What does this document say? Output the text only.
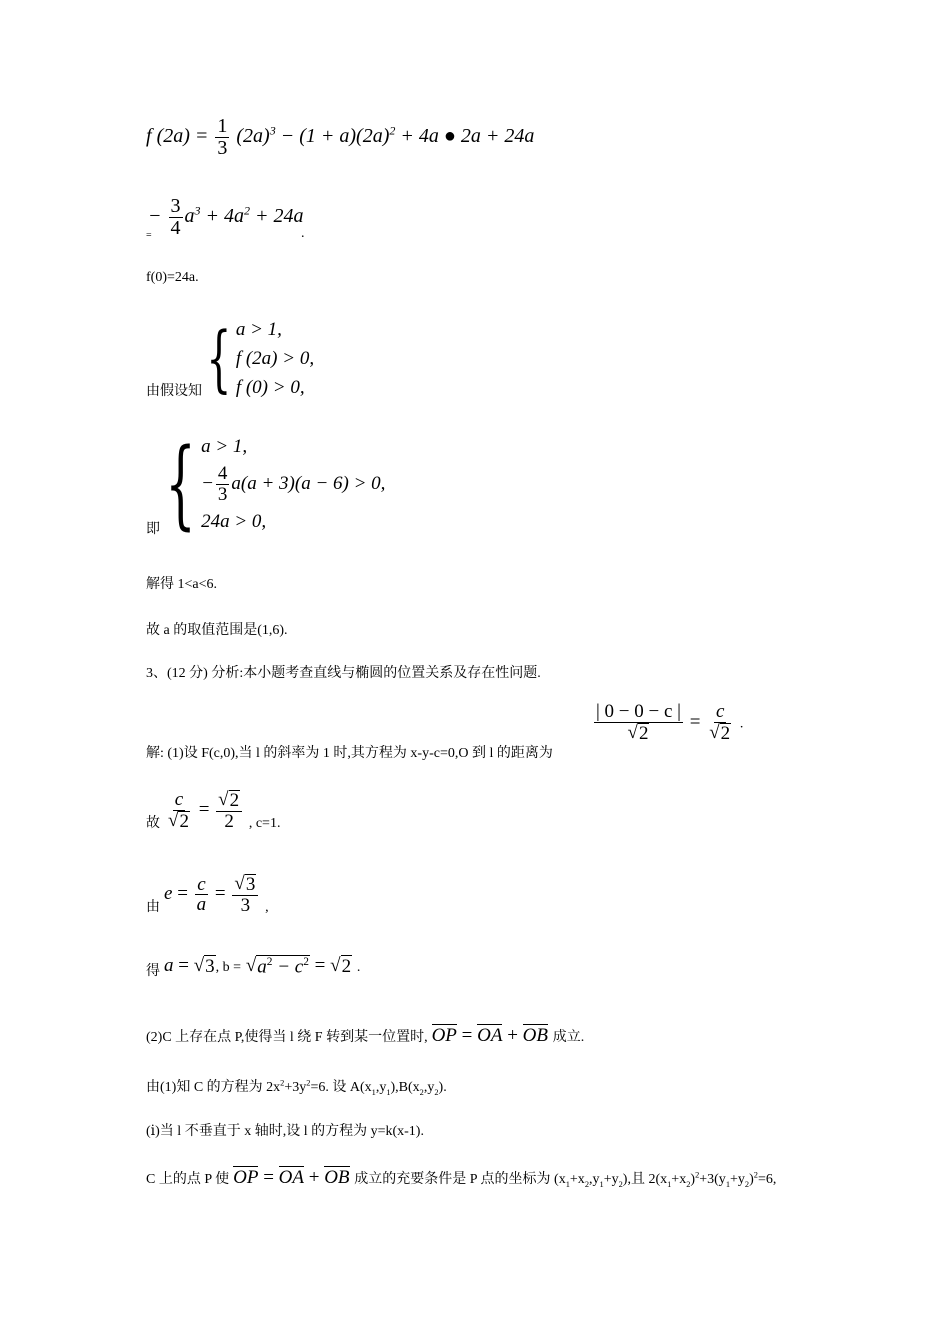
f $(2a) = \frac{1}{3} (2a)^3 - (1 + a)(2a)^2 + 4a$ ● 2a + 24a
=
− $\frac{3}{4} a^3 + 4a^2 + 24a$
.
f(0)=24a.
由假设知 { a > 1,
f (2a) > 0,
f (0) > 0,
即 { a > 1,
− $\frac{4}{3} a(a + 3)(a - 6) > 0$,
24a > 0,
解得 1<a<6.
故 a 的取值范围是(1,6).
3、(12 分) 分析:本小题考查直线与椭圆的位置关系及存在性问题.
解: (1)设 F(c,0),当 l 的斜率为 1 时,其方程为 x-y-c=0,O 到 l 的距离为
$\frac{| 0 - 0 - c |}{√ 2} = \frac{c}{√ 2}$ .
故 $\frac{c}{√ 2} = \frac{√ 2}{2}$ , c=1.
由 $e = \frac{c}{a} = \frac{√ 3}{3}$ ,
得 a = √ 3 , b = √ $a^2 - c^2$ = √ 2 .
(2)C 上存在点 P,使得当 l 绕 F 转到某一位置时, OP = OA + OB 成立.
由(1)知 C 的方程为 $2x^2+3y^2=6$. 设 $A(x_1,y_1),B(x_2,y_2)$.
(ⅰ)当 l 不垂直于 x 轴时,设 l 的方程为 y=k(x-1).
C 上的点 P 使 OP = OA + OB 成立的充要条件是 P 点的坐标为 $(x_1+x_2,y_1+y_2)$,且 $2(x_1+x_2)^2+3(y_1+y_2)^2=6$,
